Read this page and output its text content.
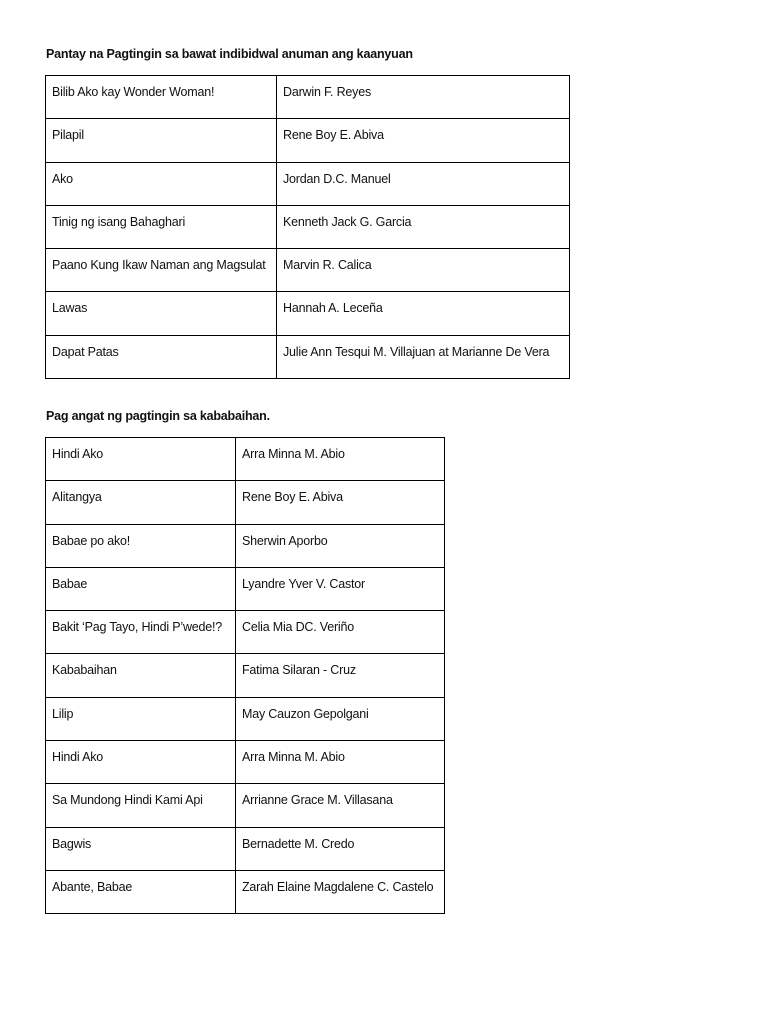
Pantay na Pagtingin sa bawat indibidwal anuman ang kaanyuan
Bilib Ako kay Wonder Woman!	Darwin F. Reyes
Pilapil	Rene Boy E. Abiva
Ako	Jordan D.C. Manuel
Tinig ng isang Bahaghari	Kenneth Jack G. Garcia
Paano Kung Ikaw Naman ang Magsulat	Marvin R. Calica
Lawas	Hannah A. Leceña
Dapat Patas	Julie Ann Tesqui M. Villajuan at Marianne De Vera
Pag angat ng pagtingin sa kababaihan.
Hindi Ako	Arra Minna M. Abio
Alitangya	Rene Boy E. Abiva
Babae po ako!	Sherwin Aporbo
Babae	Lyandre Yver V. Castor
Bakit ‘Pag Tayo, Hindi P’wede!?	Celia Mia DC. Veriño
Kababaihan	Fatima Silaran - Cruz
Lilip	May Cauzon Gepolgani
Hindi Ako	Arra Minna M. Abio
Sa Mundong Hindi Kami Api	Arrianne Grace M. Villasana
Bagwis	Bernadette M. Credo
Abante, Babae	Zarah Elaine Magdalene C. Castelo
